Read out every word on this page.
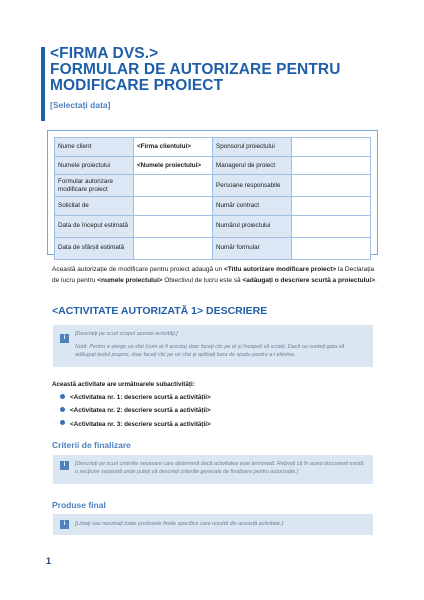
<FIRMA DVS.>
FORMULAR DE AUTORIZARE PENTRU
MODIFICARE PROIECT
[Selectați data]
Nume client	<Firma clientului>	Sponsorul proiectului	
Numele proiectului	<Numele proiectului>	Managerul de proiect	
Formular autorizare modificare proiect		Persoane responsabile	
Solicitat de		Număr contract	
Data de început estimată		Numărul proiectului	
Data de sfârșit estimată		Număr formular	
Această autorizație de modificare pentru proiect adaugă un <Titlu autorizare modificare proiect> la Declarația de lucru pentru <numele proiectului> Obiectivul de lucru este să <adăugați o descriere scurtă a proiectului>.
<ACTIVITATE AUTORIZATĂ 1> DESCRIERE
i
[Descrieți pe scurt scopul acestei activități.]
Notă: Pentru a șterge un sfat (cum ar fi acesta) doar faceți clic pe el și începeți să scrieți. Dacă nu sunteți gata să adăugați textul propriu, doar faceți clic pe un sfat și apăsați bara de spațiu pentru a-l elimina.
Această activitate are următoarele subactivități:
<Activitatea nr. 1: descriere scurtă a activității>
<Activitatea nr. 2: descriere scurtă a activității>
<Activitatea nr. 3: descriere scurtă a activității>
Criterii de finalizare
i	[Descrieți pe scurt criteriile necesare care determină dacă activitatea este terminată. Rețineți că în acest document există o secțiune separată unde puteți să descrieți criteriile generale de finalizare pentru autorizație.]
Produse final
i	[Listați sau rezumați toate produsele finale specifice care rezultă din această activitate.]
1
